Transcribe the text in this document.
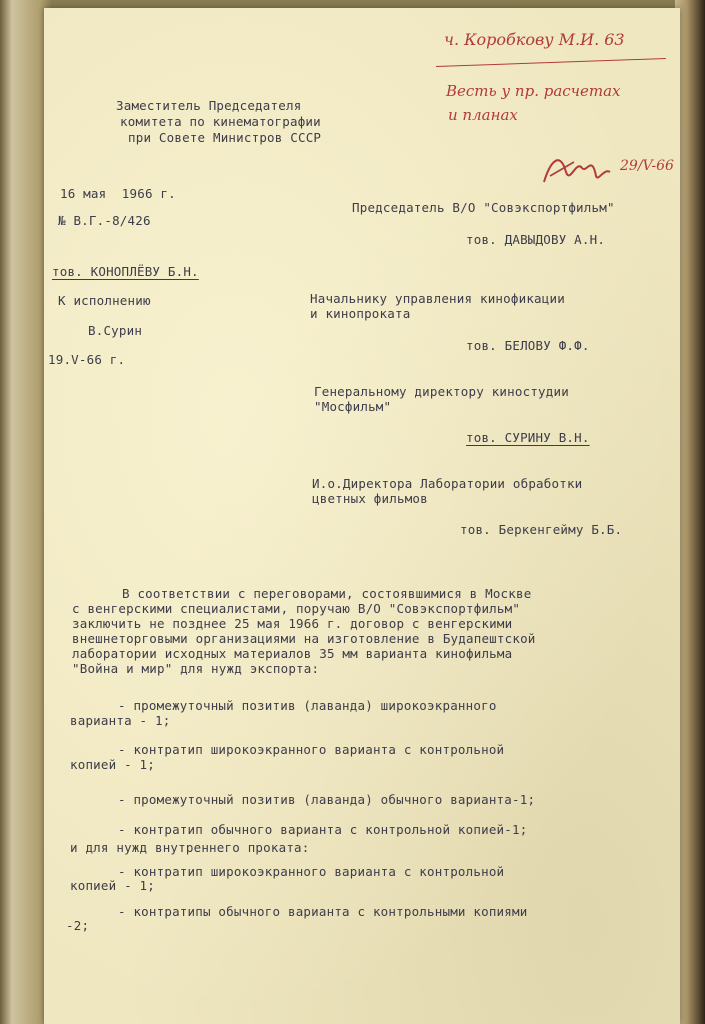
Заместитель Председателя

комитета по кинематографии

при Совете Министров СССР

ч. Коробкову М.И. 63

Весть у пр. расчетах

и планах

29/V-66

16 мая  1966 г.

№ В.Г.-8/426

Председатель В/О "Совэкспортфильм"

тов. ДАВЫДОВУ А.Н.

тов. КОНОПЛЁВУ Б.Н.

К исполнению

В.Сурин

19.V-66 г.

Начальнику управления кинофикации

и кинопроката

тов. БЕЛОВУ Ф.Ф.

Генеральному директору киностудии

"Мосфильм"

тов. СУРИНУ В.Н.

И.о.Директора Лаборатории обработки

цветных фильмов

тов. Беркенгейму Б.Б.

В соответствии с переговорами, состоявшимися в Москве

с венгерскими специалистами, поручаю В/О "Совэкспортфильм"

заключить не позднее 25 мая 1966 г. договор с венгерскими

внешнеторговыми организациями на изготовление в Будапештской

лаборатории исходных материалов 35 мм варианта кинофильма

"Война и мир" для нужд экспорта:

- промежуточный позитив (лаванда) широкоэкранного

варианта - 1;

- контратип широкоэкранного варианта с контрольной

копией - 1;

- промежуточный позитив (лаванда) обычного варианта-1;

- контратип обычного варианта с контрольной копией-1;

и для нужд внутреннего проката:

- контратип широкоэкранного варианта с контрольной

копией - 1;

- контратипы обычного варианта с контрольными копиями

-2;
